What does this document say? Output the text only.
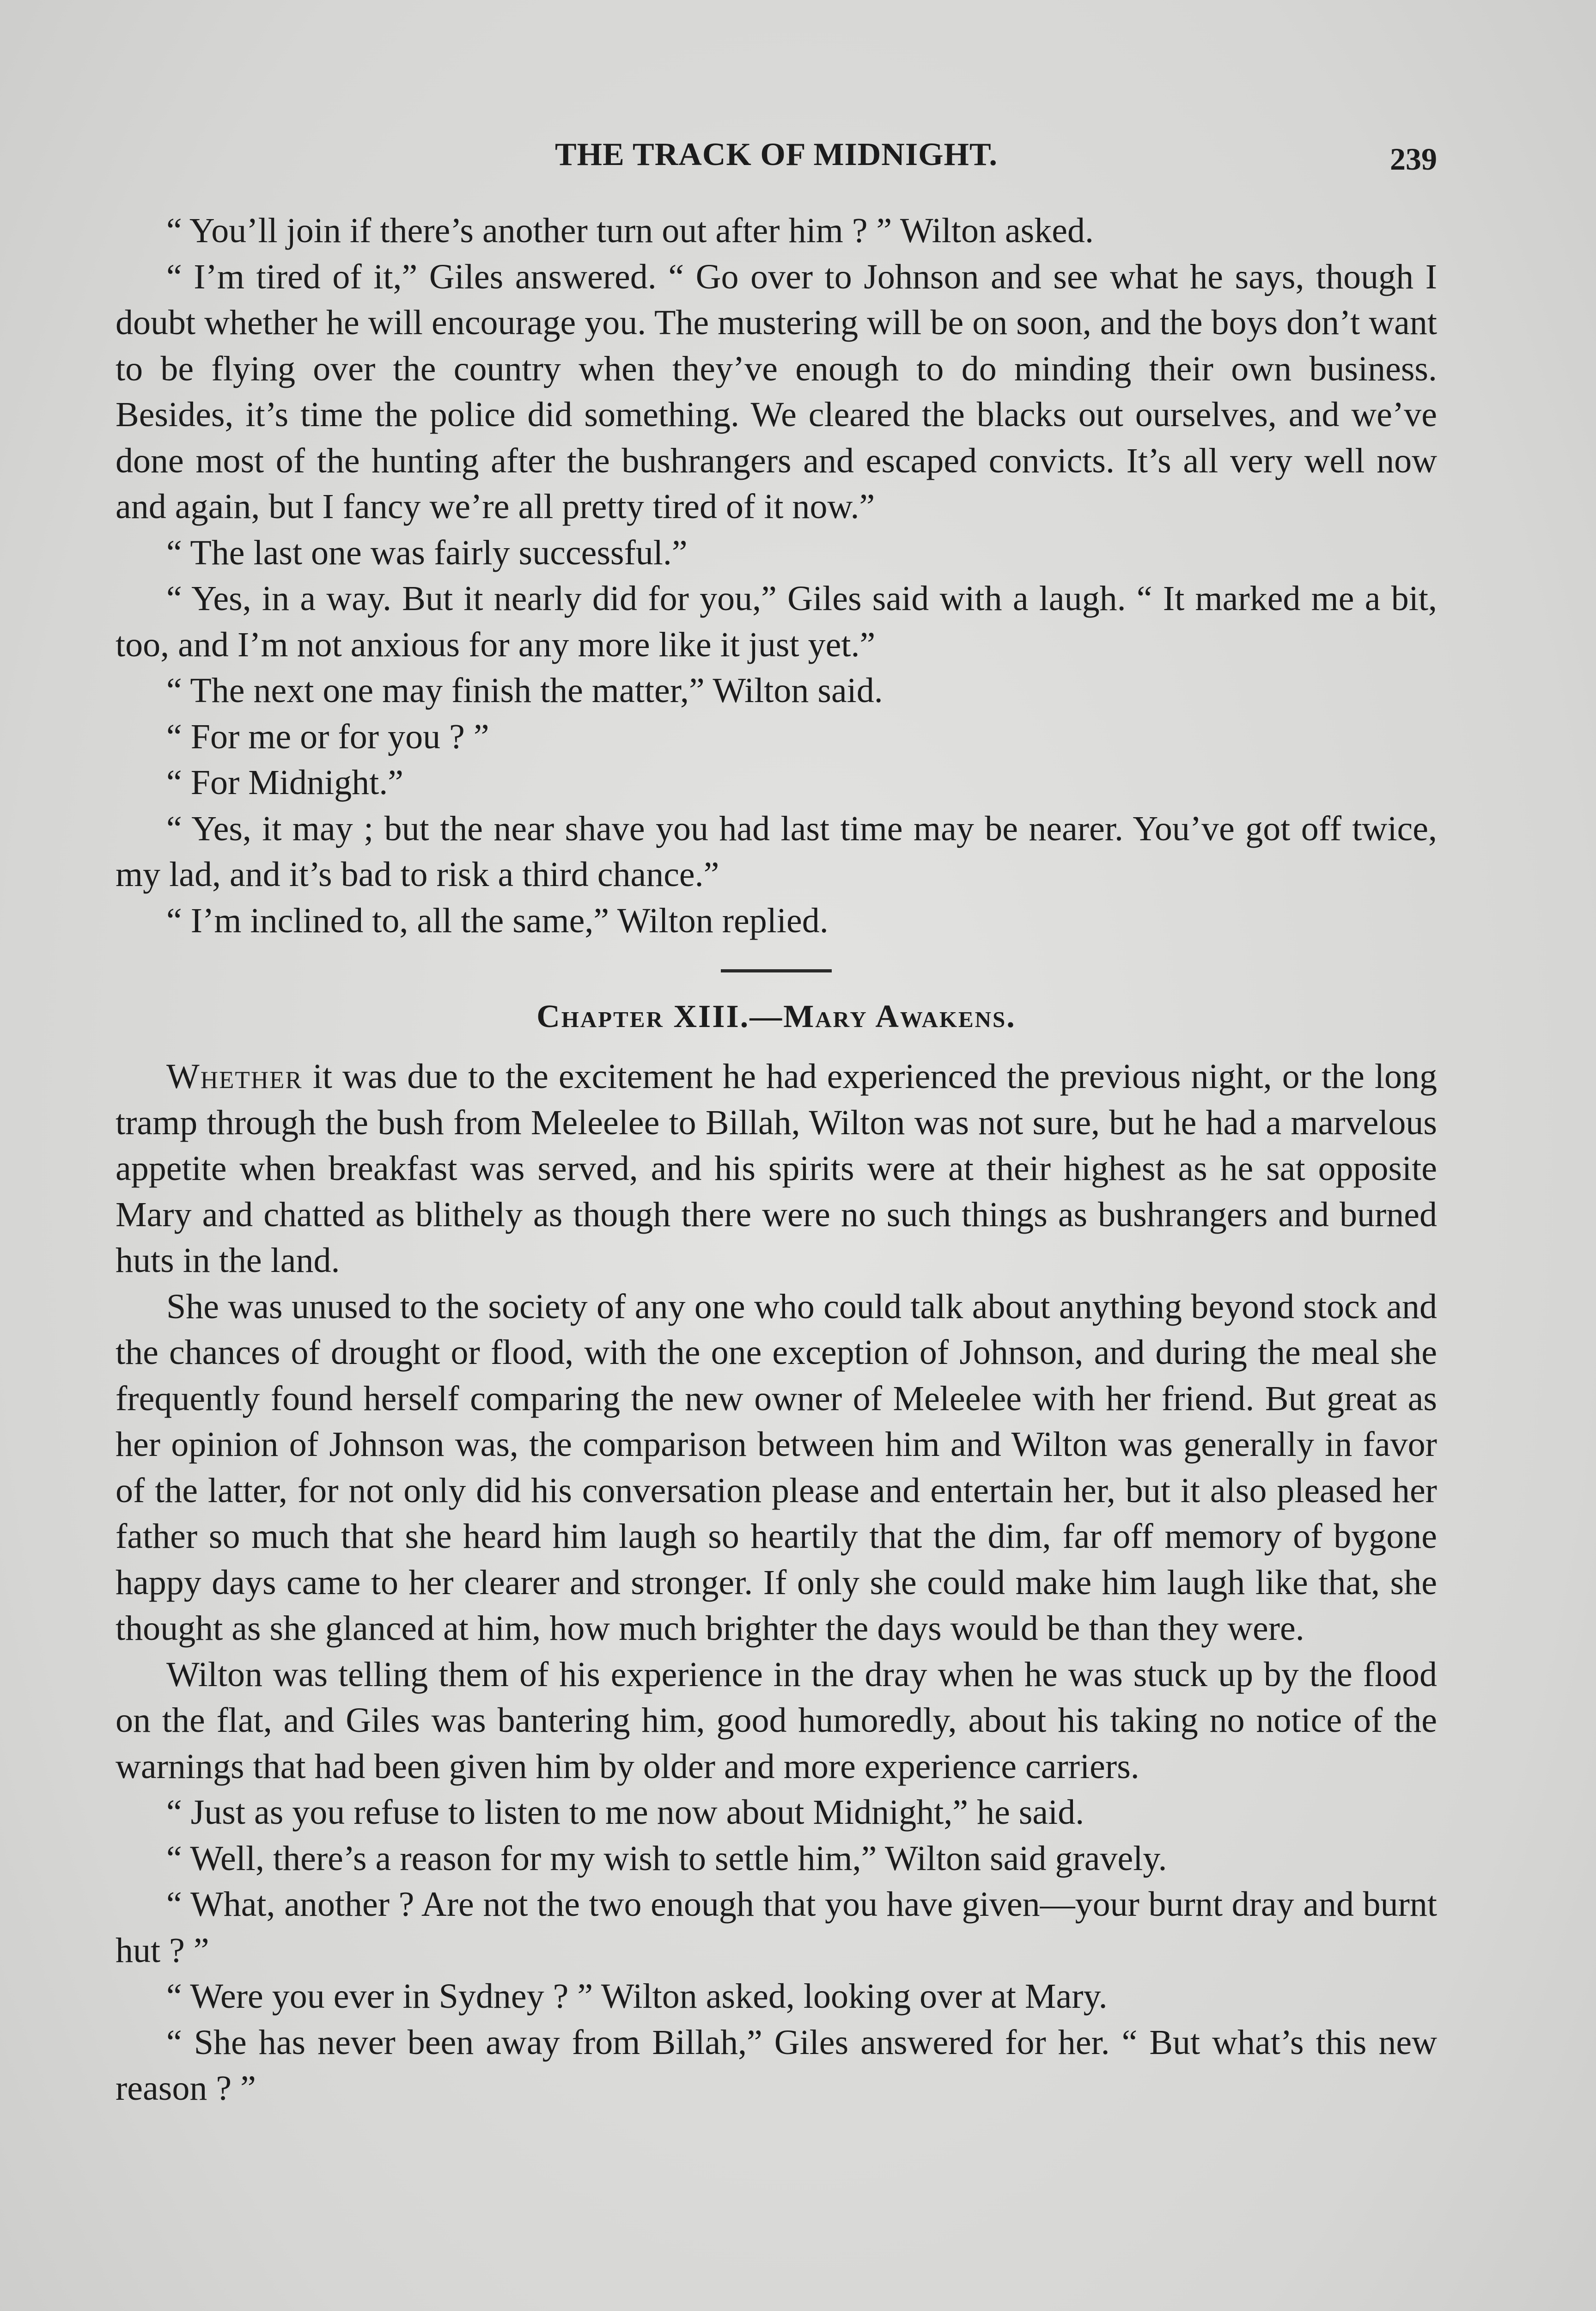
THE TRACK OF MIDNIGHT.	239

“ You’ll join if there’s another turn out after him ? ” Wilton asked.

“ I’m tired of it,” Giles answered. “ Go over to Johnson and see what he says, though I doubt whether he will encourage you. The mustering will be on soon, and the boys don’t want to be flying over the country when they’ve enough to do minding their own business. Besides, it’s time the police did something. We cleared the blacks out ourselves, and we’ve done most of the hunting after the bushrangers and escaped convicts. It’s all very well now and again, but I fancy we’re all pretty tired of it now.”

“ The last one was fairly successful.”

“ Yes, in a way. But it nearly did for you,” Giles said with a laugh. “ It marked me a bit, too, and I’m not anxious for any more like it just yet.”

“ The next one may finish the matter,” Wilton said.

“ For me or for you ? ”

“ For Midnight.”

“ Yes, it may ; but the near shave you had last time may be nearer. You’ve got off twice, my lad, and it’s bad to risk a third chance.”

“ I’m inclined to, all the same,” Wilton replied.

Chapter XIII.—Mary Awakens.

Whether it was due to the excitement he had experienced the previous night, or the long tramp through the bush from Meleelee to Billah, Wilton was not sure, but he had a marvelous appetite when breakfast was served, and his spirits were at their highest as he sat opposite Mary and chatted as blithely as though there were no such things as bushrangers and burned huts in the land.

She was unused to the society of any one who could talk about anything beyond stock and the chances of drought or flood, with the one exception of Johnson, and during the meal she frequently found herself comparing the new owner of Meleelee with her friend. But great as her opinion of Johnson was, the comparison between him and Wilton was generally in favor of the latter, for not only did his conversation please and entertain her, but it also pleased her father so much that she heard him laugh so heartily that the dim, far off memory of bygone happy days came to her clearer and stronger. If only she could make him laugh like that, she thought as she glanced at him, how much brighter the days would be than they were.

Wilton was telling them of his experience in the dray when he was stuck up by the flood on the flat, and Giles was bantering him, good humoredly, about his taking no notice of the warnings that had been given him by older and more experience carriers.

“ Just as you refuse to listen to me now about Midnight,” he said.

“ Well, there’s a reason for my wish to settle him,” Wilton said gravely.

“ What, another ? Are not the two enough that you have given—your burnt dray and burnt hut ? ”

“ Were you ever in Sydney ? ” Wilton asked, looking over at Mary.

“ She has never been away from Billah,” Giles answered for her. “ But what’s this new reason ? ”
